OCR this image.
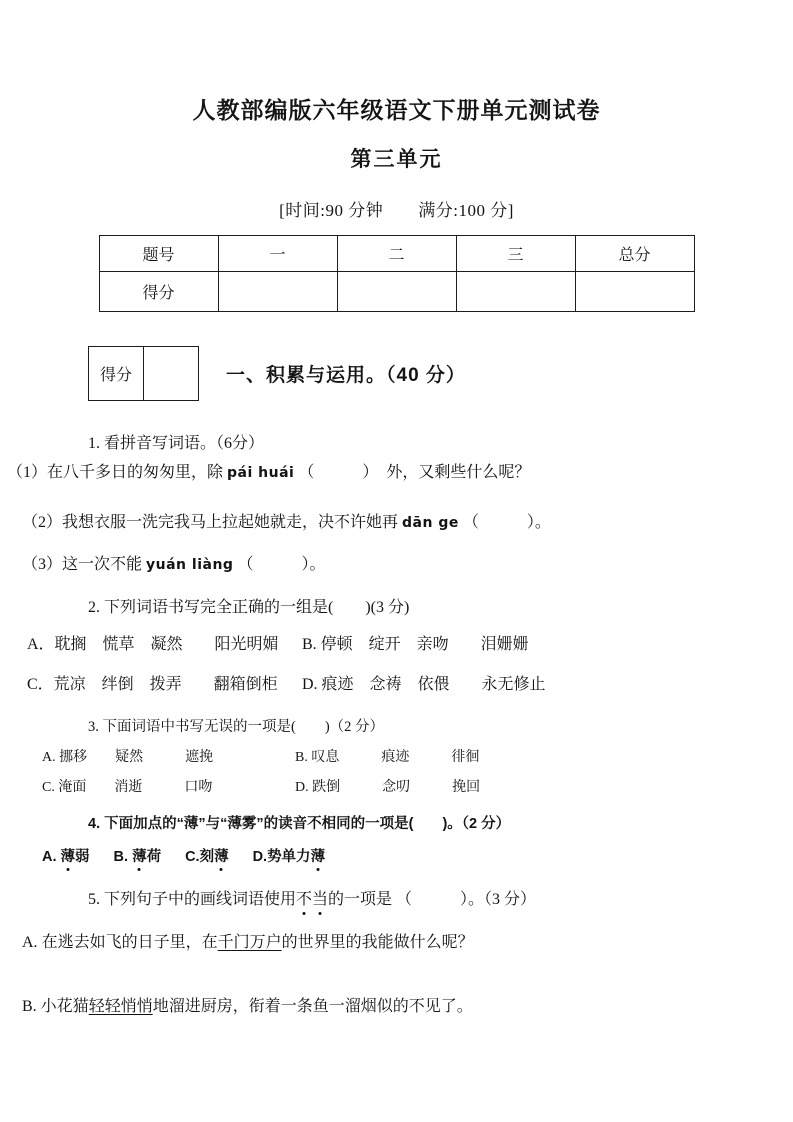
人教部编版六年级语文下册单元测试卷
第三单元
[时间:90 分钟　　满分:100 分]
题号	一	二	三	总分
得分				
得分		一、积累与运用。（40 分）
1. 看拼音写词语。（6分）
（1）在八千多日的匆匆里，除 pái huái （　　　）　外，又剩些什么呢？
（2）我想衣服一洗完我马上拉起她就走，决不许她再 dān ge （　　　）。
（3）这一次不能 yuán liàng （　　　）。
2. 下列词语书写完全正确的一组是(　　)(3 分)
A．耽搁　慌草　凝然　　阳光明媚	B. 停顿　绽开　亲吻　　泪姗姗
C．荒凉　绊倒　拨弄　　翻箱倒柜	D. 痕迹　念祷　依偎　　永无修止
3. 下面词语中书写无误的一项是(　　)（2 分）
A. 挪移　　疑然　　　遮挽	B. 叹息　　　痕迹　　　徘徊
C. 淹面　　消逝　　　口吻	D. 跌倒　　　念叨　　　挽回
4. 下面加点的“薄”与“薄雾”的读音不相同的一项是(　　)。（2 分）
A. 薄弱 B. 薄荷 C.刻薄 D.势单力薄
5. 下列句子中的画线词语使用不当的一项是 （　　　）。（3 分）
A. 在逃去如飞的日子里，在千门万户的世界里的我能做什么呢？
B. 小花猫轻轻悄悄地溜进厨房，衔着一条鱼一溜烟似的不见了。
